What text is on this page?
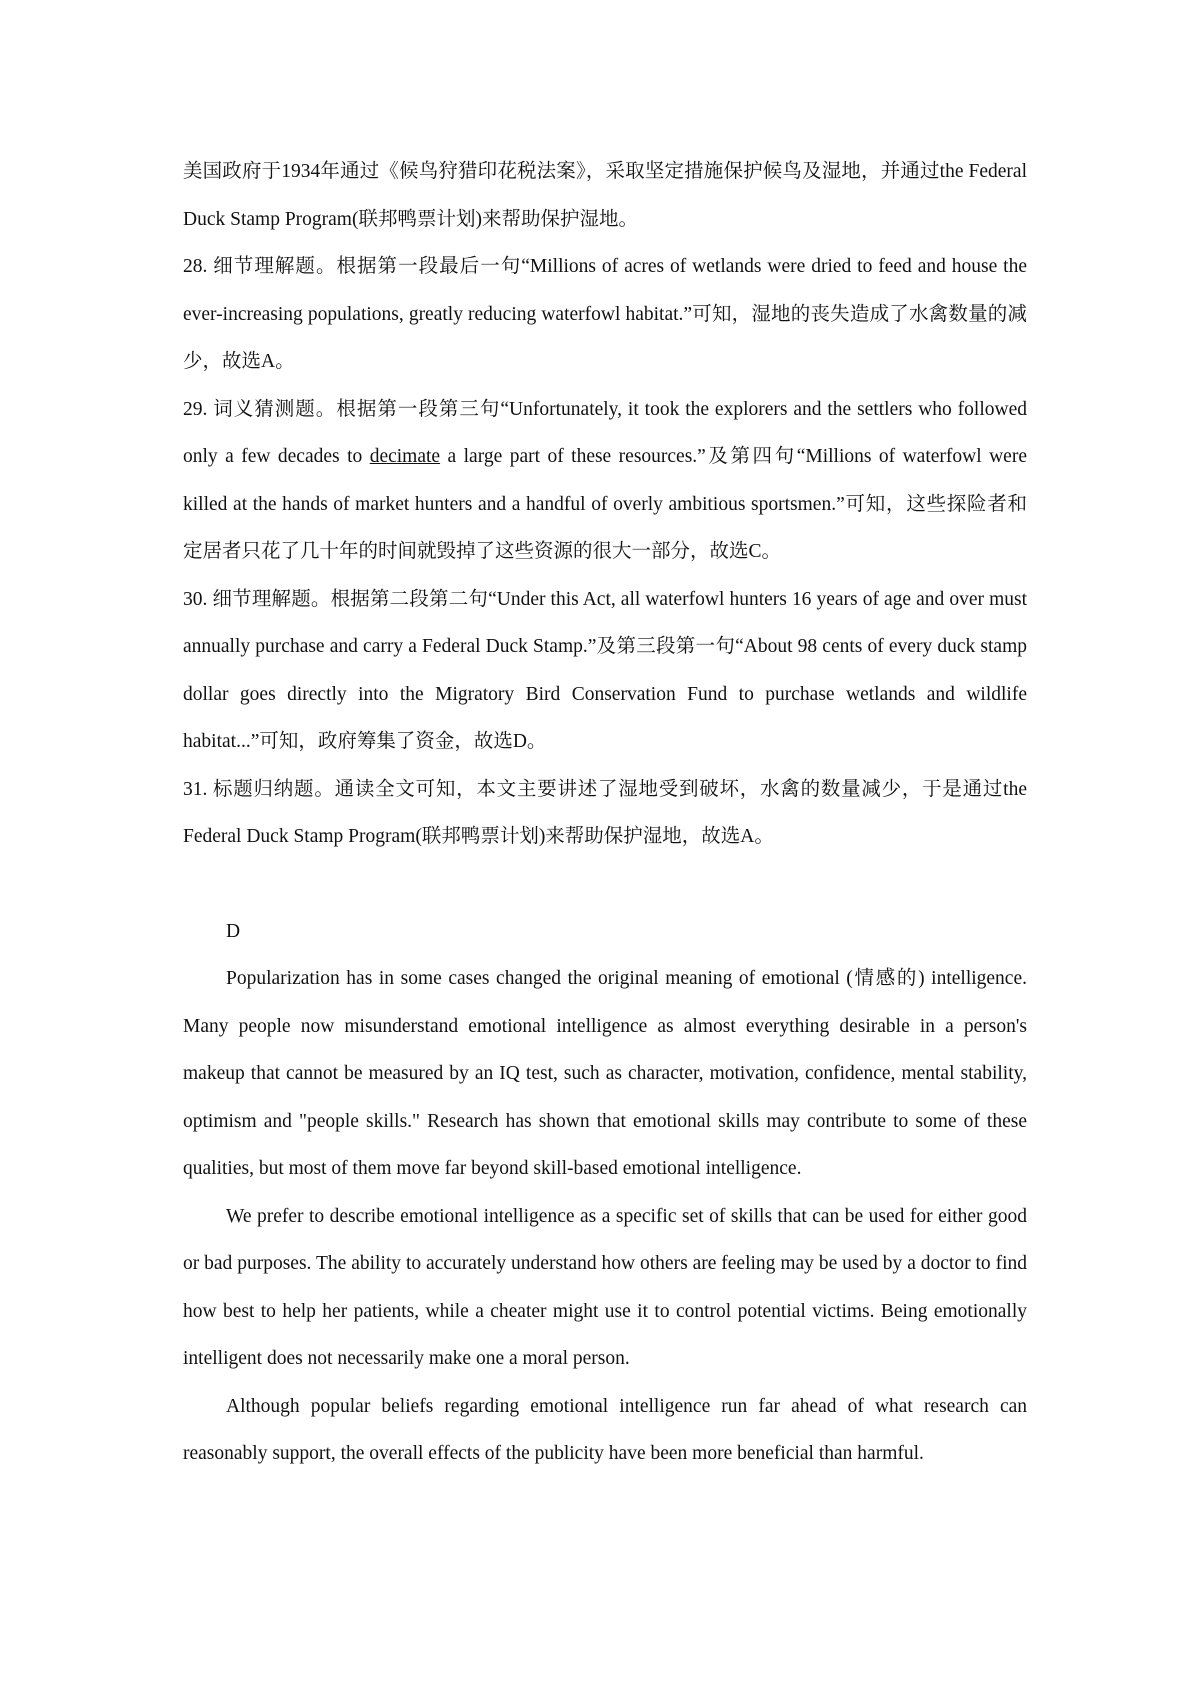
美国政府于1934年通过《候鸟狩猎印花税法案》，采取坚定措施保护候鸟及湿地，并通过the Federal Duck Stamp Program(联邦鸭票计划)来帮助保护湿地。

28. 细节理解题。根据第一段最后一句“Millions of acres of wetlands were dried to feed and house the ever-increasing populations, greatly reducing waterfowl habitat.”可知，湿地的丧失造成了水禽数量的减少，故选A。

29. 词义猜测题。根据第一段第三句“Unfortunately, it took the explorers and the settlers who followed only a few decades to decimate a large part of these resources.”及第四句“Millions of waterfowl were killed at the hands of market hunters and a handful of overly ambitious sportsmen.”可知，这些探险者和定居者只花了几十年的时间就毁掉了这些资源的很大一部分，故选C。

30. 细节理解题。根据第二段第二句“Under this Act, all waterfowl hunters 16 years of age and over must annually purchase and carry a Federal Duck Stamp.”及第三段第一句“About 98 cents of every duck stamp dollar goes directly into the Migratory Bird Conservation Fund to purchase wetlands and wildlife habitat...”可知，政府筹集了资金，故选D。

31. 标题归纳题。通读全文可知，本文主要讲述了湿地受到破坏，水禽的数量减少，于是通过the Federal Duck Stamp Program(联邦鸭票计划)来帮助保护湿地，故选A。

D

Popularization has in some cases changed the original meaning of emotional (情感的) intelligence. Many people now misunderstand emotional intelligence as almost everything desirable in a person's makeup that cannot be measured by an IQ test, such as character, motivation, confidence, mental stability, optimism and "people skills." Research has shown that emotional skills may contribute to some of these qualities, but most of them move far beyond skill-based emotional intelligence.

We prefer to describe emotional intelligence as a specific set of skills that can be used for either good or bad purposes. The ability to accurately understand how others are feeling may be used by a doctor to find how best to help her patients, while a cheater might use it to control potential victims. Being emotionally intelligent does not necessarily make one a moral person.

Although popular beliefs regarding emotional intelligence run far ahead of what research can reasonably support, the overall effects of the publicity have been more beneficial than harmful.
